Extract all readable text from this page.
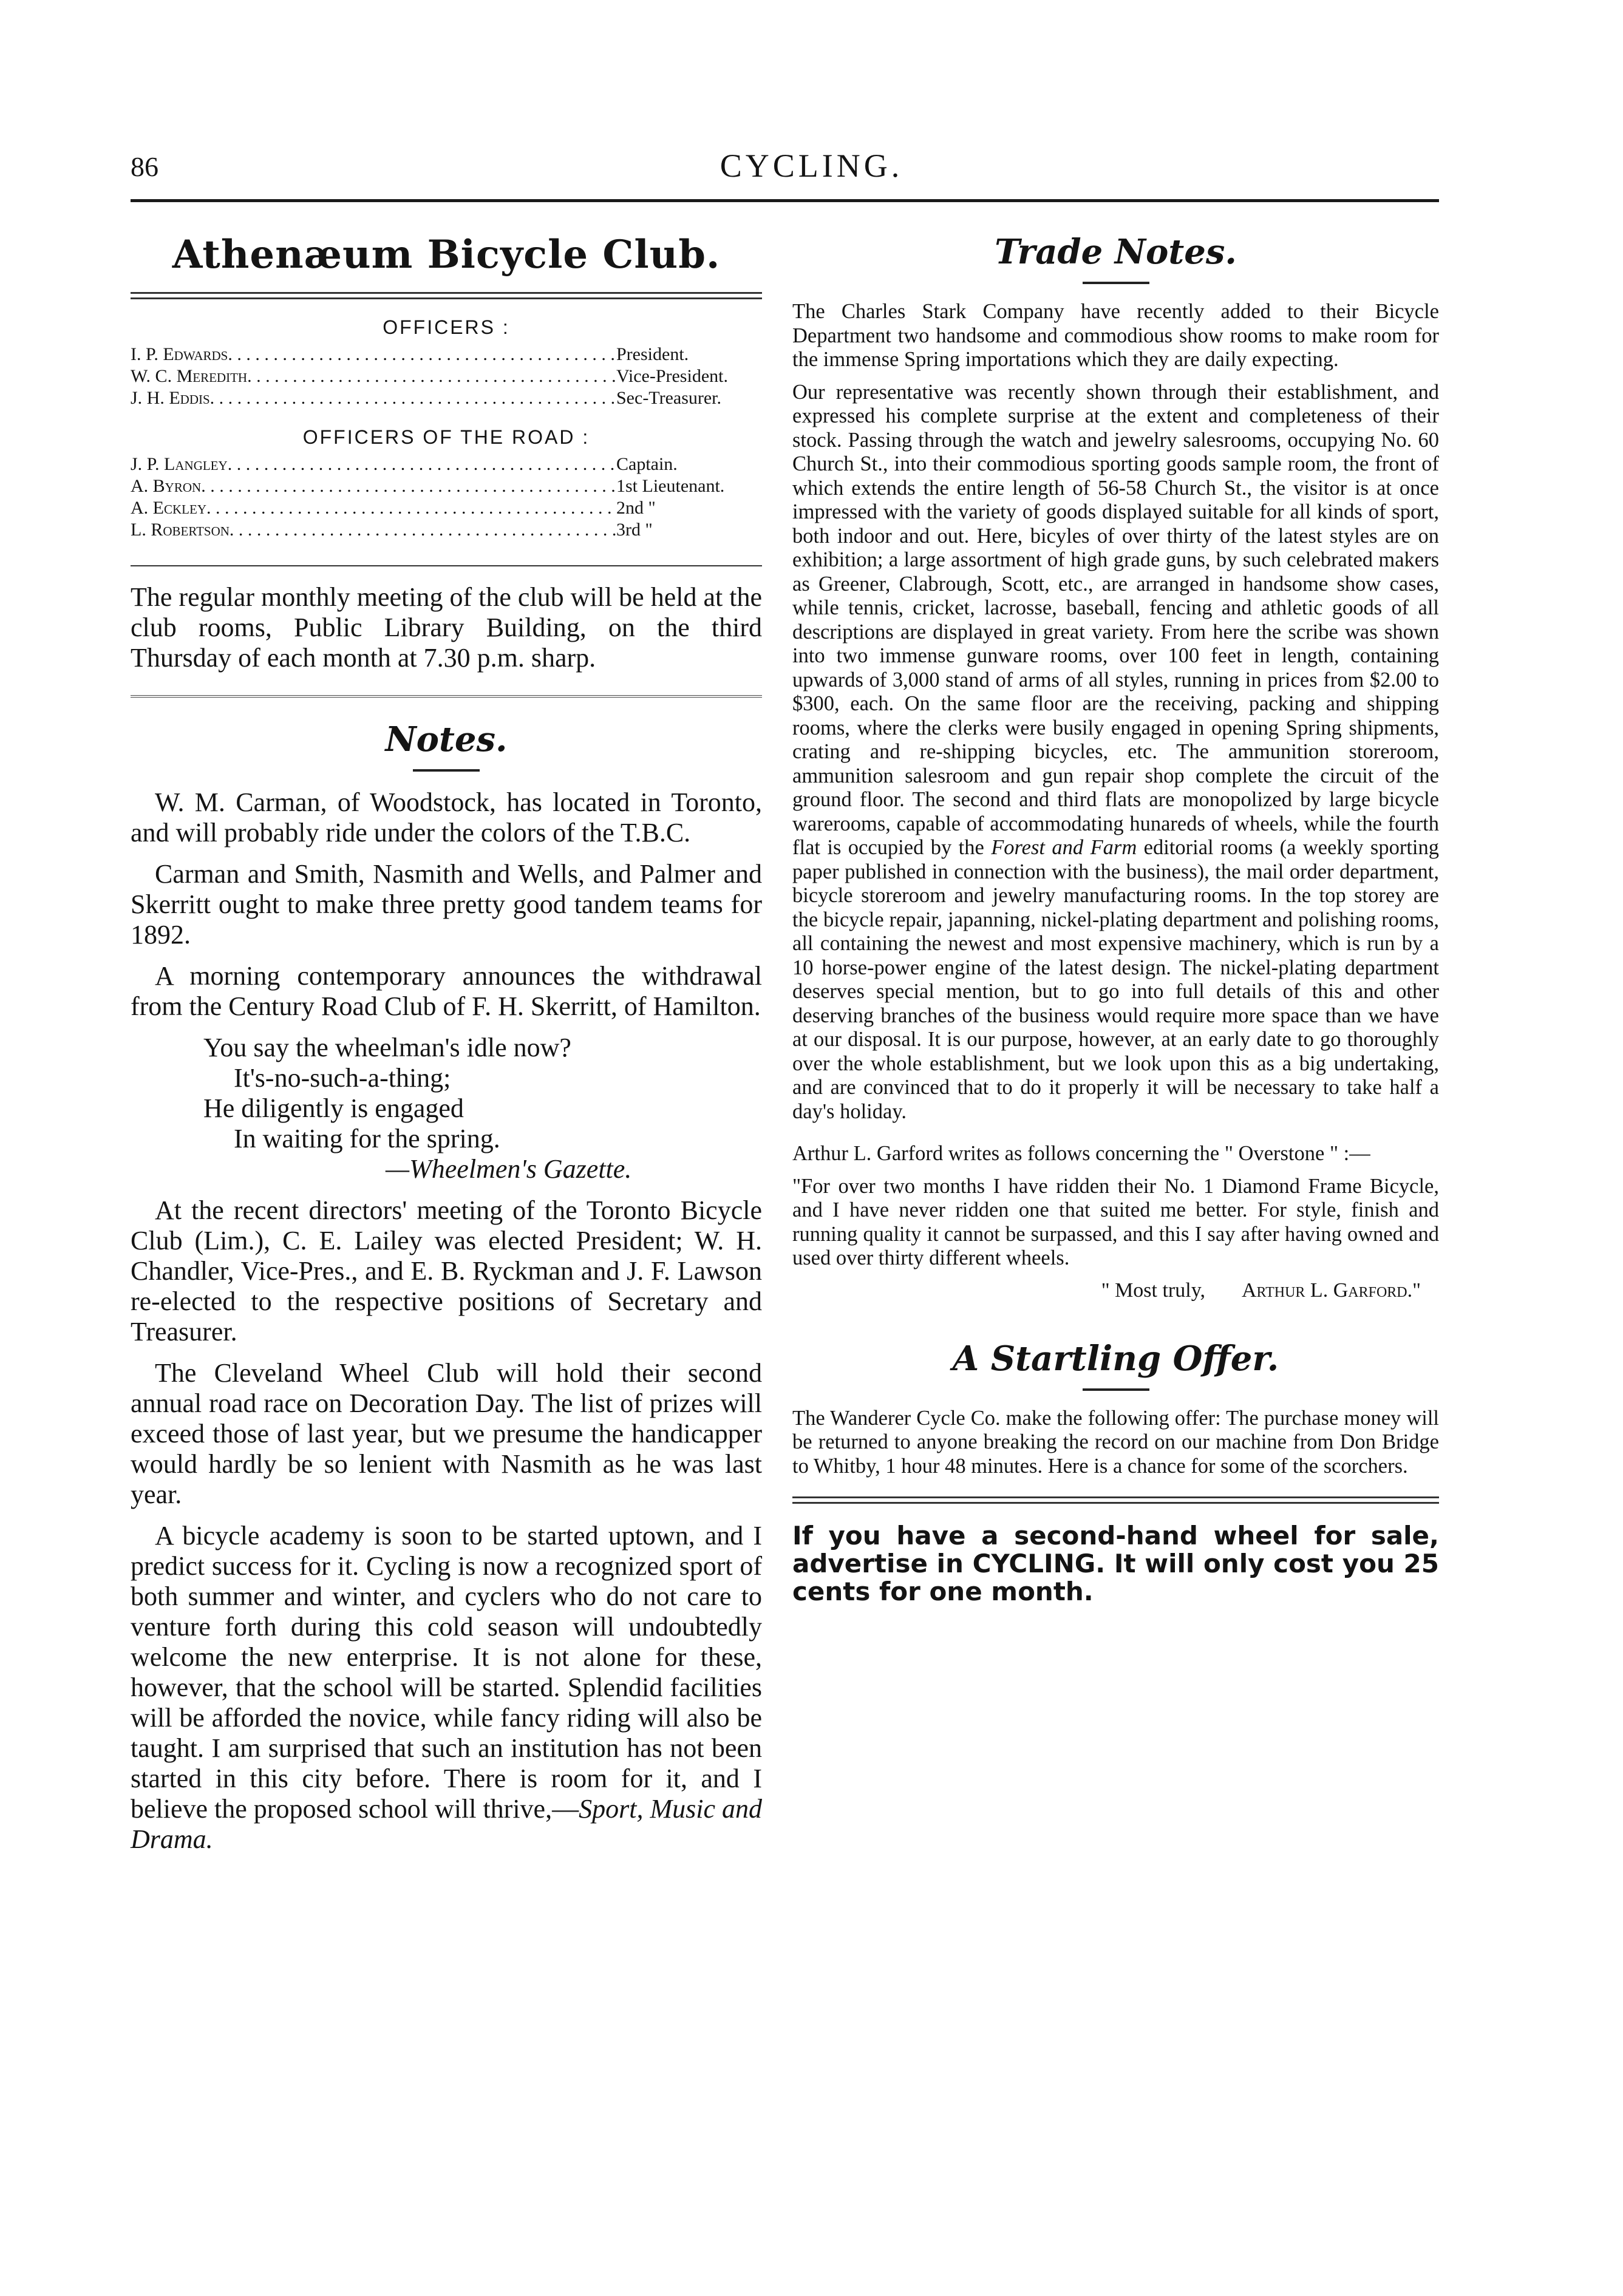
86	CYCLING.
Athenæum Bicycle Club.
OFFICERS :
I. P. Edwards . . .	President.
W. C. Meredith . . .	Vice-President.
J. H. Eddis . . .	Sec-Treasurer.
OFFICERS OF THE ROAD :
J. P. Langley . . .	Captain.
A. Byron . . .	1st Lieutenant.
A. Eckley . . .	2nd "
L. Robertson . . .	3rd "

The regular monthly meeting of the club will be held at the club rooms, Public Library Building, on the third Thursday of each month at 7.30 p.m. sharp.

Notes.

W. M. Carman, of Woodstock, has located in Toronto, and will probably ride under the colors of the T.B.C.

Carman and Smith, Nasmith and Wells, and Palmer and Skerritt ought to make three pretty good tandem teams for 1892.

A morning contemporary announces the withdrawal from the Century Road Club of F. H. Skerritt, of Hamilton.

You say the wheelman's idle now?
It's-no-such-a-thing;
He diligently is engaged
In waiting for the spring.
—Wheelmen's Gazette.

At the recent directors' meeting of the Toronto Bicycle Club (Lim.), C. E. Lailey was elected President; W. H. Chandler, Vice-Pres., and E. B. Ryckman and J. F. Lawson re-elected to the respective positions of Secretary and Treasurer.

The Cleveland Wheel Club will hold their second annual road race on Decoration Day. The list of prizes will exceed those of last year, but we presume the handicapper would hardly be so lenient with Nasmith as he was last year.

A bicycle academy is soon to be started uptown, and I predict success for it. Cycling is now a recognized sport of both summer and winter, and cyclers who do not care to venture forth during this cold season will undoubtedly welcome the new enterprise. It is not alone for these, however, that the school will be started. Splendid facilities will be afforded the novice, while fancy riding will also be taught. I am surprised that such an institution has not been started in this city before. There is room for it, and I believe the proposed school will thrive,—Sport, Music and Drama.

Trade Notes.

The Charles Stark Company have recently added to their Bicycle Department two handsome and commodious show rooms to make room for the immense Spring importations which they are daily expecting.

Our representative was recently shown through their establishment, and expressed his complete surprise at the extent and completeness of their stock. Passing through the watch and jewelry salesrooms, occupying No. 60 Church St., into their commodious sporting goods sample room, the front of which extends the entire length of 56-58 Church St., the visitor is at once impressed with the variety of goods displayed suitable for all kinds of sport, both indoor and out. Here, bicyles of over thirty of the latest styles are on exhibition; a large assortment of high grade guns, by such celebrated makers as Greener, Clabrough, Scott, etc., are arranged in handsome show cases, while tennis, cricket, lacrosse, baseball, fencing and athletic goods of all descriptions are displayed in great variety. From here the scribe was shown into two immense gunware rooms, over 100 feet in length, containing upwards of 3,000 stand of arms of all styles, running in prices from $2.00 to $300, each. On the same floor are the receiving, packing and shipping rooms, where the clerks were busily engaged in opening Spring shipments, crating and re-shipping bicycles, etc. The ammunition storeroom, ammunition salesroom and gun repair shop complete the circuit of the ground floor. The second and third flats are monopolized by large bicycle warerooms, capable of accommodating hunareds of wheels, while the fourth flat is occupied by the Forest and Farm editorial rooms (a weekly sporting paper published in connection with the business), the mail order department, bicycle storeroom and jewelry manufacturing rooms. In the top storey are the bicycle repair, japanning, nickel-plating department and polishing rooms, all containing the newest and most expensive machinery, which is run by a 10 horse-power engine of the latest design. The nickel-plating department deserves special mention, but to go into full details of this and other deserving branches of the business would require more space than we have at our disposal. It is our purpose, however, at an early date to go thoroughly over the whole establishment, but we look upon this as a big undertaking, and are convinced that to do it properly it will be necessary to take half a day's holiday.

Arthur L. Garford writes as follows concerning the " Overstone " :—

"For over two months I have ridden their No. 1 Diamond Frame Bicycle, and I have never ridden one that suited me better. For style, finish and running quality it cannot be surpassed, and this I say after having owned and used over thirty different wheels.

" Most truly, Arthur L. Garford."
A Startling Offer.

The Wanderer Cycle Co. make the following offer: The purchase money will be returned to anyone breaking the record on our machine from Don Bridge to Whitby, 1 hour 48 minutes. Here is a chance for some of the scorchers.

If you have a second-hand wheel for sale, advertise in CYCLING. It will only cost you 25 cents for one month.
